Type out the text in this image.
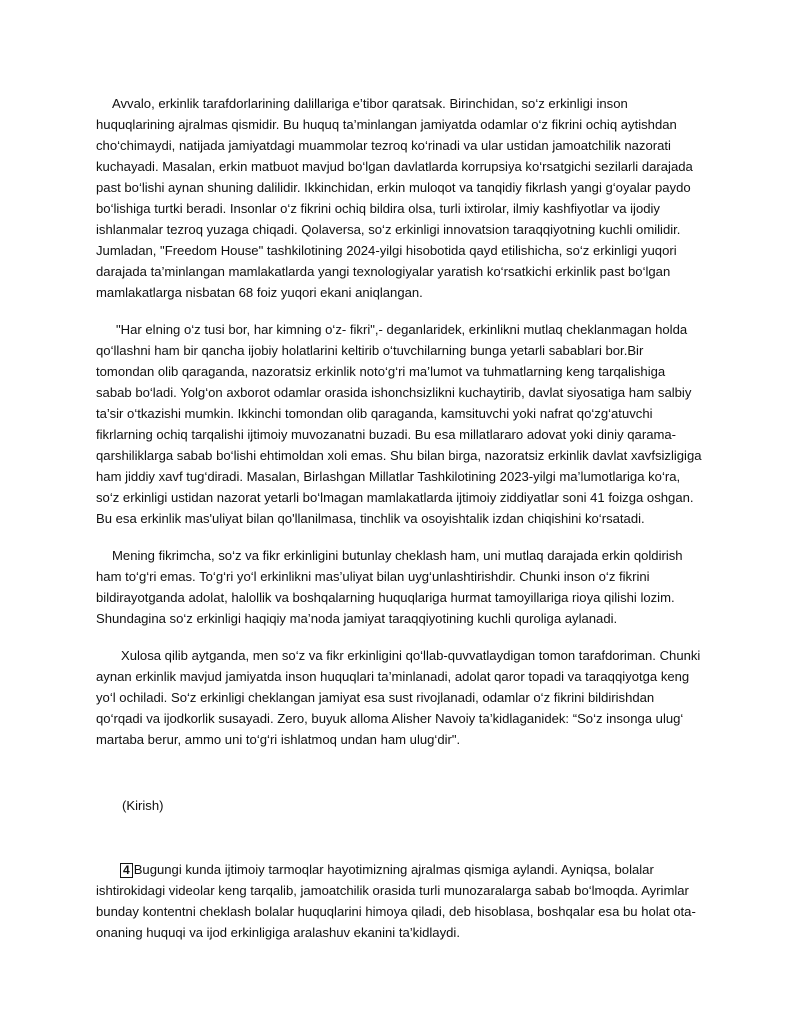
Avvalo, erkinlik tarafdorlarining dalillariga e’tibor qaratsak. Birinchidan, so‘z erkinligi inson huquqlarining ajralmas qismidir. Bu huquq ta’minlangan jamiyatda odamlar o‘z fikrini ochiq aytishdan cho‘chimaydi, natijada jamiyatdagi muammolar tezroq ko‘rinadi va ular ustidan jamoatchilik nazorati kuchayadi. Masalan, erkin matbuot mavjud bo‘lgan davlatlarda korrupsiya ko‘rsatgichi sezilarli darajada past bo‘lishi aynan shuning dalilidir. Ikkinchidan, erkin muloqot va tanqidiy fikrlash yangi g‘oyalar paydo bo‘lishiga turtki beradi. Insonlar o‘z fikrini ochiq bildira olsa, turli ixtirolar, ilmiy kashfiyotlar va ijodiy ishlanmalar tezroq yuzaga chiqadi. Qolaversa, so‘z erkinligi innovatsion taraqqiyotning kuchli omilidir. Jumladan, "Freedom House" tashkilotining 2024-yilgi hisobotida qayd etilishicha, so‘z erkinligi yuqori darajada ta’minlangan mamlakatlarda yangi texnologiyalar yaratish ko‘rsatkichi erkinlik past bo‘lgan mamlakatlarga nisbatan 68 foiz yuqori ekani aniqlangan.

"Har elning o‘z tusi bor, har kimning o‘z- fikri",- deganlaridek, erkinlikni mutlaq cheklanmagan holda qo‘llashni ham bir qancha ijobiy holatlarini keltirib o‘tuvchilarning bunga yetarli sabablari bor.Bir tomondan olib qaraganda, nazoratsiz erkinlik noto‘g‘ri ma’lumot va tuhmatlarning keng tarqalishiga sabab bo‘ladi. Yolg‘on axborot odamlar orasida ishonchsizlikni kuchaytirib, davlat siyosatiga ham salbiy ta’sir o‘tkazishi mumkin. Ikkinchi tomondan olib qaraganda, kamsituvchi yoki nafrat qo‘zg‘atuvchi fikrlarning ochiq tarqalishi ijtimoiy muvozanatni buzadi. Bu esa millatlararo adovat yoki diniy qarama-qarshiliklarga sabab bo‘lishi ehtimoldan xoli emas. Shu bilan birga, nazoratsiz erkinlik davlat xavfsizligiga ham jiddiy xavf tug‘diradi. Masalan, Birlashgan Millatlar Tashkilotining 2023-yilgi ma’lumotlariga ko‘ra, so‘z erkinligi ustidan nazorat yetarli bo‘lmagan mamlakatlarda ijtimoiy ziddiyatlar soni 41 foizga oshgan. Bu esa erkinlik mas'uliyat bilan qo'llanilmasa, tinchlik va osoyishtalik izdan chiqishini ko‘rsatadi.

Mening fikrimcha, so‘z va fikr erkinligini butunlay cheklash ham, uni mutlaq darajada erkin qoldirish ham to‘g‘ri emas. To‘g‘ri yo‘l erkinlikni mas’uliyat bilan uyg‘unlashtirishdir. Chunki inson o‘z fikrini bildirayotganda adolat, halollik va boshqalarning huquqlariga hurmat tamoyillariga rioya qilishi lozim. Shundagina so‘z erkinligi haqiqiy ma’noda jamiyat taraqqiyotining kuchli quroliga aylanadi.

Xulosa qilib aytganda, men so‘z va fikr erkinligini qo‘llab-quvvatlaydigan tomon tarafdoriman. Chunki aynan erkinlik mavjud jamiyatda inson huquqlari ta’minlanadi, adolat qaror topadi va taraqqiyotga keng yo‘l ochiladi. So‘z erkinligi cheklangan jamiyat esa sust rivojlanadi, odamlar o‘z fikrini bildirishdan qo‘rqadi va ijodkorlik susayadi. Zero, buyuk alloma Alisher Navoiy ta’kidlaganidek: “So‘z insonga ulug‘ martaba berur, ammo uni to‘g‘ri ishlatmoq undan ham ulug‘dir".

(Kirish)

4 Bugungi kunda ijtimoiy tarmoqlar hayotimizning ajralmas qismiga aylandi. Ayniqsa, bolalar ishtirokidagi videolar keng tarqalib, jamoatchilik orasida turli munozaralarga sabab bo‘lmoqda. Ayrimlar bunday kontentni cheklash bolalar huquqlarini himoya qiladi, deb hisoblasa, boshqalar esa bu holat ota-onaning huquqi va ijod erkinligiga aralashuv ekanini ta’kidlaydi.
